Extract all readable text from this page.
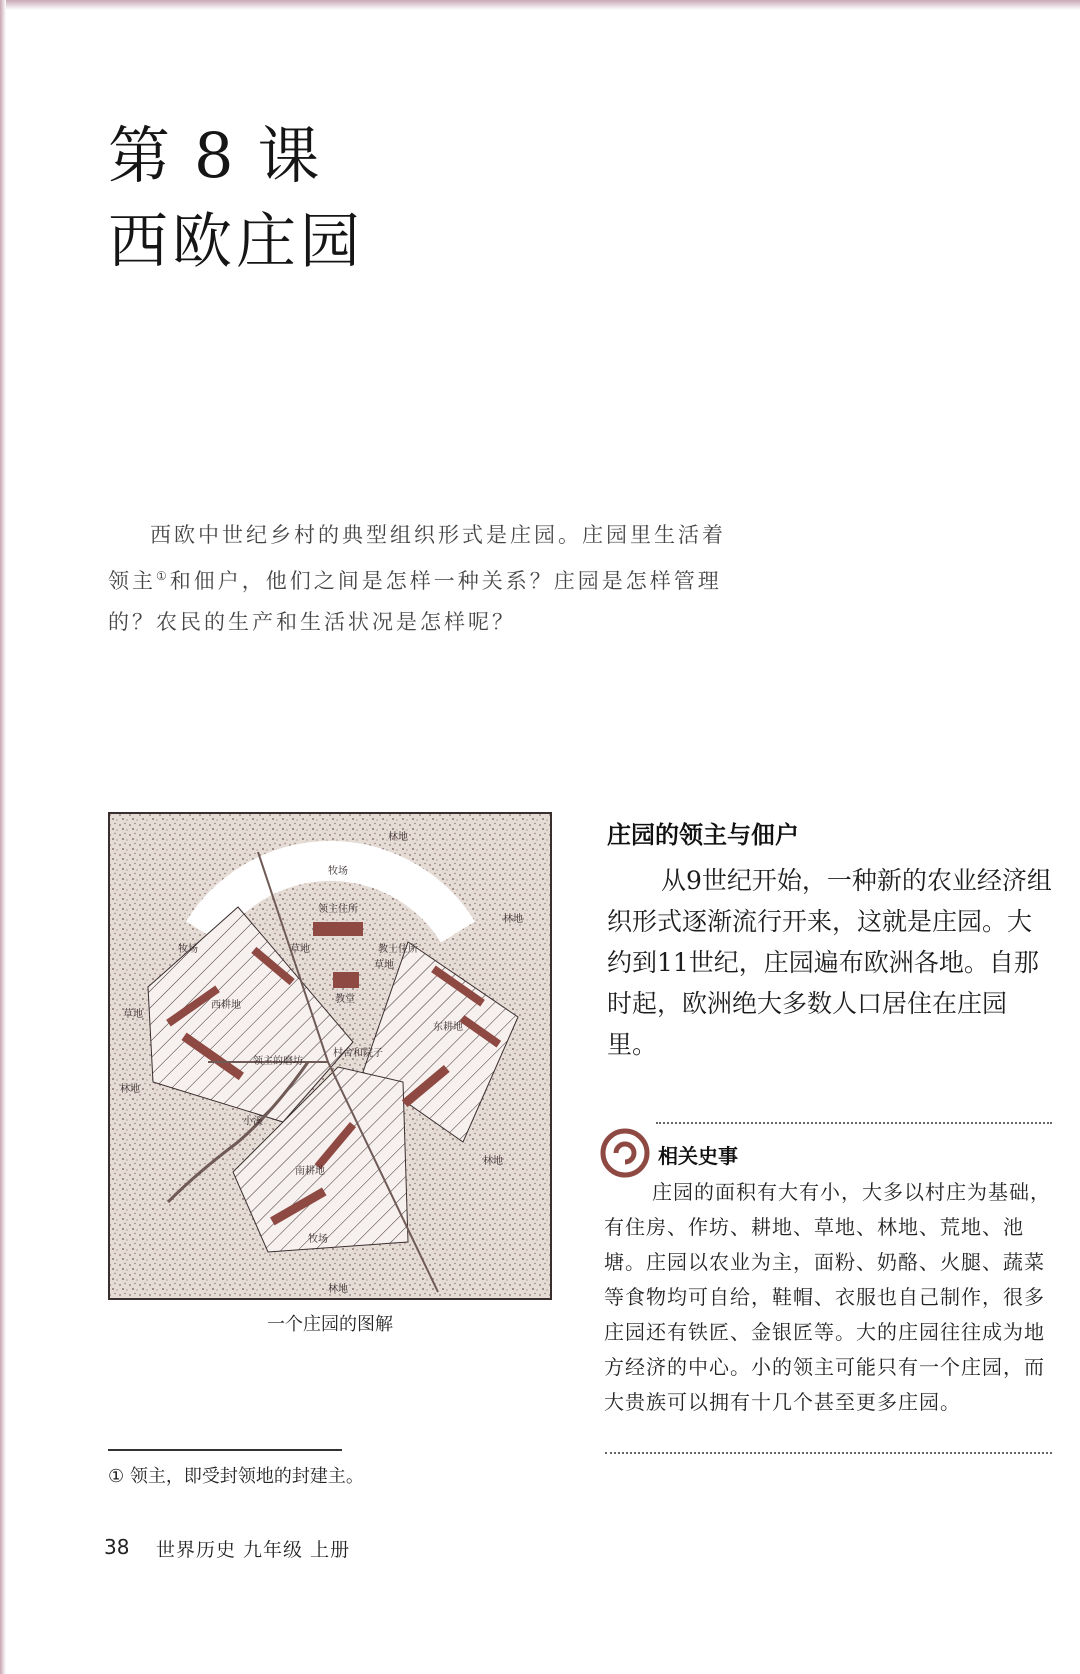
第 8 课
西欧庄园
西欧中世纪乡村的典型组织形式是庄园。庄园里生活着领主①和佃户，他们之间是怎样一种关系？庄园是怎样管理的？农民的生产和生活状况是怎样呢？
林地
牧场
林地
领主住所
教士住所
教堂
牧场
西耕地
东耕地
领主的磨坊
村舍和院子
小溪
草地
草地
草地
林地
南耕地
牧场
林地
林地
一个庄园的图解
庄园的领主与佃户
从9世纪开始，一种新的农业经济组织形式逐渐流行开来，这就是庄园。大约到11世纪，庄园遍布欧洲各地。自那时起，欧洲绝大多数人口居住在庄园里。
相关史事
庄园的面积有大有小，大多以村庄为基础，有住房、作坊、耕地、草地、林地、荒地、池塘。庄园以农业为主，面粉、奶酪、火腿、蔬菜等食物均可自给，鞋帽、衣服也自己制作，很多庄园还有铁匠、金银匠等。大的庄园往往成为地方经济的中心。小的领主可能只有一个庄园，而大贵族可以拥有十几个甚至更多庄园。
① 领主，即受封领地的封建主。
38 世界历史 九年级 上册
